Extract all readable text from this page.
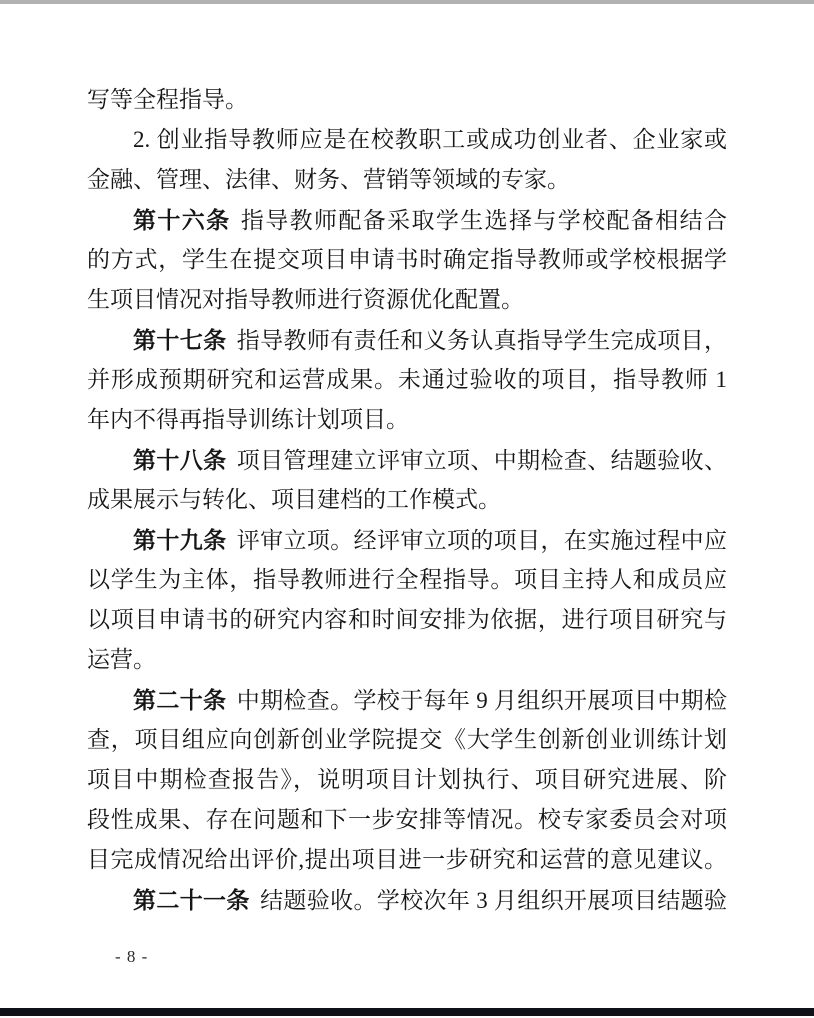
写等全程指导。
2. 创业指导教师应是在校教职工或成功创业者、企业家或
金融、管理、法律、财务、营销等领域的专家。
第十六条 指导教师配备采取学生选择与学校配备相结合
的方式，学生在提交项目申请书时确定指导教师或学校根据学
生项目情况对指导教师进行资源优化配置。
第十七条 指导教师有责任和义务认真指导学生完成项目，
并形成预期研究和运营成果。未通过验收的项目，指导教师 1
年内不得再指导训练计划项目。
第十八条 项目管理建立评审立项、中期检查、结题验收、
成果展示与转化、项目建档的工作模式。
第十九条 评审立项。经评审立项的项目，在实施过程中应
以学生为主体，指导教师进行全程指导。项目主持人和成员应
以项目申请书的研究内容和时间安排为依据，进行项目研究与
运营。
第二十条 中期检查。学校于每年 9 月组织开展项目中期检
查，项目组应向创新创业学院提交《大学生创新创业训练计划
项目中期检查报告》，说明项目计划执行、项目研究进展、阶
段性成果、存在问题和下一步安排等情况。校专家委员会对项
目完成情况给出评价,提出项目进一步研究和运营的意见建议。
第二十一条 结题验收。学校次年 3 月组织开展项目结题验
- 8 -
